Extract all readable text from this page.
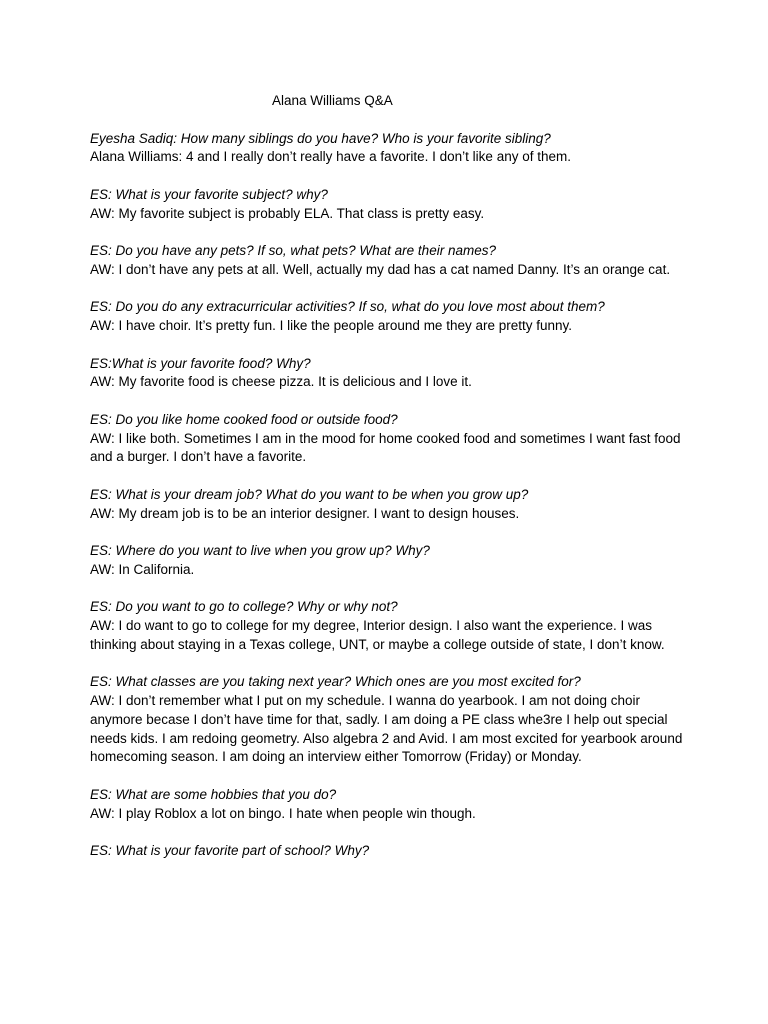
Alana Williams Q&A

Eyesha Sadiq: How many siblings do you have? Who is your favorite sibling?

Alana Williams: 4 and I really don’t really have a favorite. I don’t like any of them.

ES: What is your favorite subject? why?

AW: My favorite subject is probably ELA. That class is pretty easy.

ES: Do you have any pets? If so, what pets? What are their names?

AW: I don’t have any pets at all. Well, actually my dad has a cat named Danny. It’s an orange cat.

ES: Do you do any extracurricular activities? If so, what do you love most about them?

AW: I have choir. It’s pretty fun. I like the people around me they are pretty funny.

ES:What is your favorite food? Why?

AW: My favorite food is cheese pizza. It is delicious and I love it.

ES: Do you like home cooked food or outside food?

AW: I like both. Sometimes I am in the mood for home cooked food and sometimes I want fast food and a burger. I don’t have a favorite.

ES: What is your dream job? What do you want to be when you grow up?

AW: My dream job is to be an interior designer. I want to design houses.

ES: Where do you want to live when you grow up? Why?

AW: In California.

ES: Do you want to go to college? Why or why not?

AW: I do want to go to college for my degree, Interior design. I also want the experience. I was thinking about staying in a Texas college, UNT, or maybe a college outside of state, I don’t know.

ES: What classes are you taking next year? Which ones are you most excited for?

AW: I don’t remember what I put on my schedule. I wanna do yearbook. I am not doing choir anymore becase I don’t have time for that, sadly. I am doing a PE class whe3re I help out special needs kids. I am redoing geometry. Also algebra 2 and Avid. I am most excited for yearbook around homecoming season. I am doing an interview either Tomorrow (Friday) or Monday.

ES: What are some hobbies that you do?

AW: I play Roblox a lot on bingo. I hate when people win though.

ES: What is your favorite part of school? Why?
